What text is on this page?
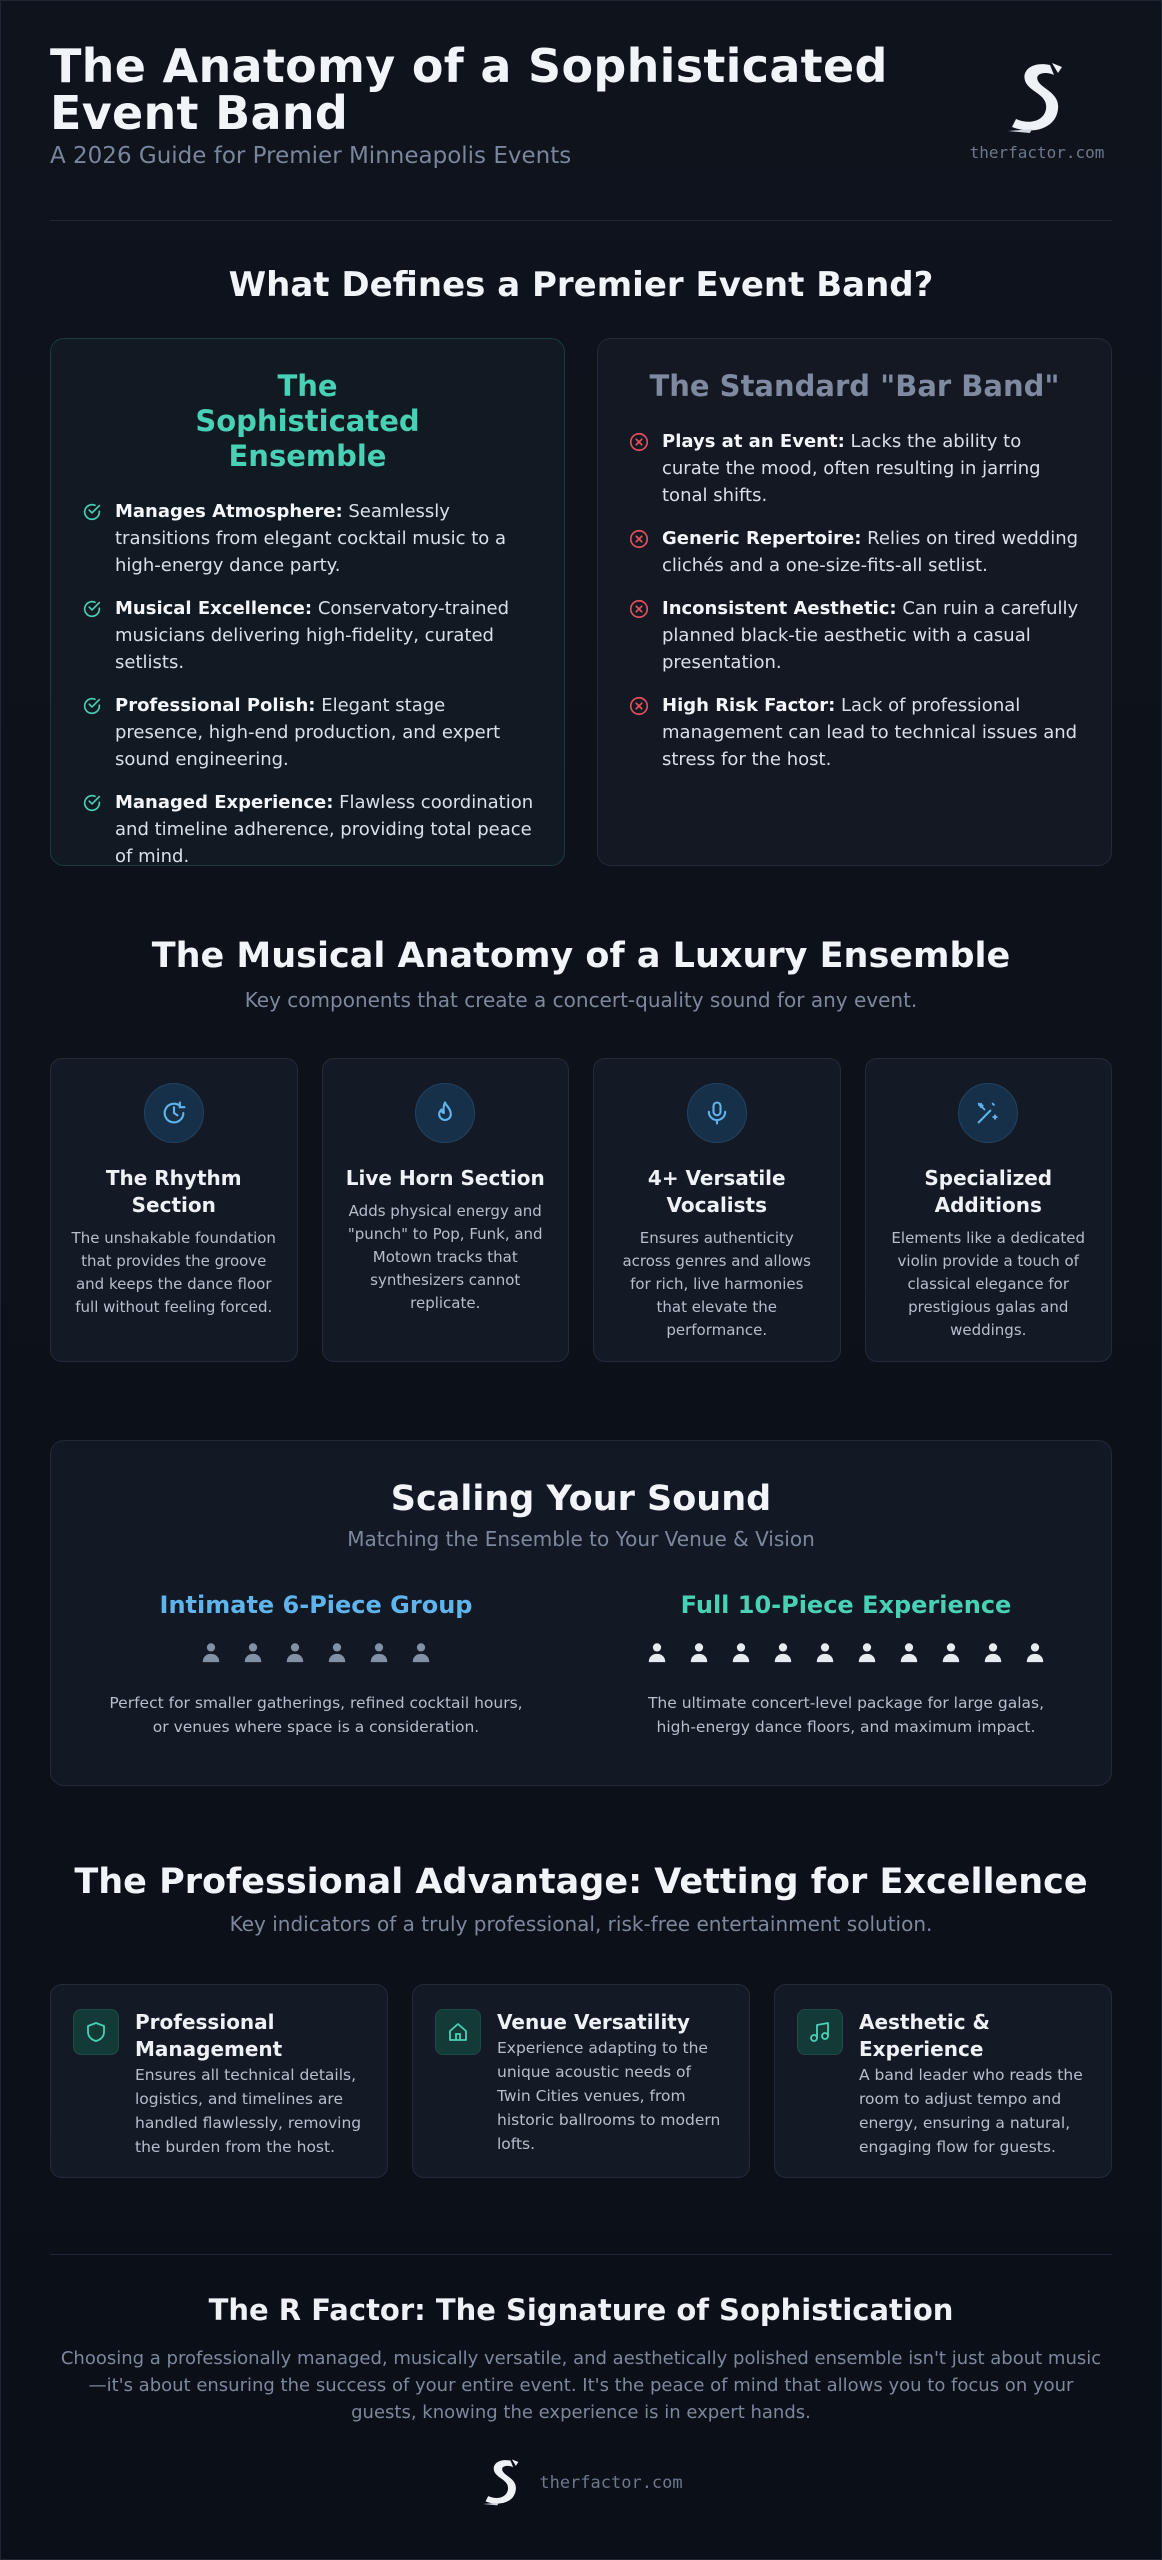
The Anatomy of a Sophisticated Event Band
A 2026 Guide for Premier Minneapolis Events	therfactor.com
What Defines a Premier Event Band?
The Sophisticated Ensemble
Manages Atmosphere: Seamlessly transitions from elegant cocktail music to a high-energy dance party.
Musical Excellence: Conservatory-trained musicians delivering high-fidelity, curated setlists.
Professional Polish: Elegant stage presence, high-end production, and expert sound engineering.
Managed Experience: Flawless coordination and timeline adherence, providing total peace of mind.
The Standard "Bar Band"
Plays at an Event: Lacks the ability to curate the mood, often resulting in jarring tonal shifts.
Generic Repertoire: Relies on tired wedding clichés and a one-size-fits-all setlist.
Inconsistent Aesthetic: Can ruin a carefully planned black-tie aesthetic with a casual presentation.
High Risk Factor: Lack of professional management can lead to technical issues and stress for the host.
The Musical Anatomy of a Luxury Ensemble
Key components that create a concert-quality sound for any event.
The Rhythm Section
The unshakable foundation that provides the groove and keeps the dance floor full without feeling forced.
Live Horn Section
Adds physical energy and "punch" to Pop, Funk, and Motown tracks that synthesizers cannot replicate.
4+ Versatile Vocalists
Ensures authenticity across genres and allows for rich, live harmonies that elevate the performance.
Specialized Additions
Elements like a dedicated violin provide a touch of classical elegance for prestigious galas and weddings.
Scaling Your Sound
Matching the Ensemble to Your Venue & Vision
Intimate 6-Piece Group
Perfect for smaller gatherings, refined cocktail hours, or venues where space is a consideration.
Full 10-Piece Experience
The ultimate concert-level package for large galas, high-energy dance floors, and maximum impact.
The Professional Advantage: Vetting for Excellence
Key indicators of a truly professional, risk-free entertainment solution.
Professional Management
Ensures all technical details, logistics, and timelines are handled flawlessly, removing the burden from the host.
Venue Versatility
Experience adapting to the unique acoustic needs of Twin Cities venues, from historic ballrooms to modern lofts.
Aesthetic & Experience
A band leader who reads the room to adjust tempo and energy, ensuring a natural, engaging flow for guests.
The R Factor: The Signature of Sophistication

Choosing a professionally managed, musically versatile, and aesthetically polished ensemble isn't just about music—it's about ensuring the success of your entire event. It's the peace of mind that allows you to focus on your guests, knowing the experience is in expert hands.

therfactor.com
